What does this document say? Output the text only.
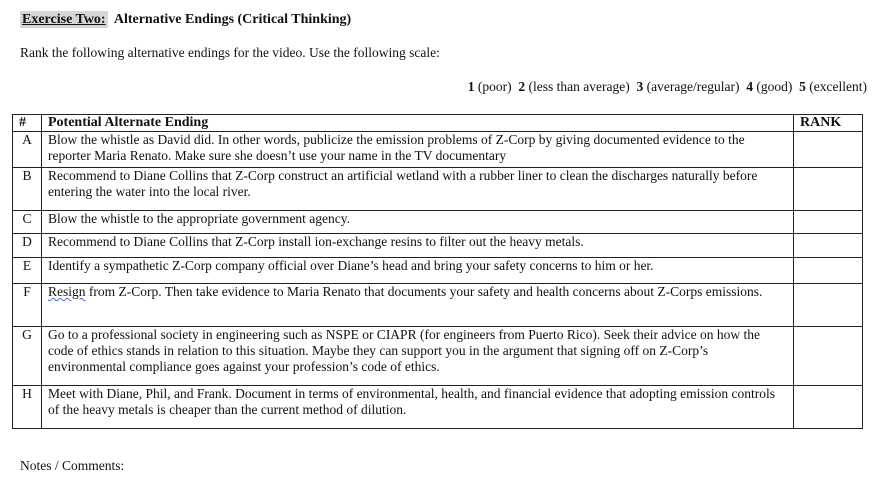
Exercise Two: Alternative Endings (Critical Thinking)
Rank the following alternative endings for the video. Use the following scale:
1 (poor) 2 (less than average) 3 (average/regular) 4 (good) 5 (excellent)
#	Potential Alternate Ending	RANK
A	Blow the whistle as David did. In other words, publicize the emission problems of Z-Corp by giving documented evidence to the reporter Maria Renato. Make sure she doesn’t use your name in the TV documentary	
B	Recommend to Diane Collins that Z-Corp construct an artificial wetland with a rubber liner to clean the discharges naturally before entering the water into the local river.	
C	Blow the whistle to the appropriate government agency.	
D	Recommend to Diane Collins that Z-Corp install ion-exchange resins to filter out the heavy metals.	
E	Identify a sympathetic Z-Corp company official over Diane’s head and bring your safety concerns to him or her.	
F	Resign from Z-Corp. Then take evidence to Maria Renato that documents your safety and health concerns about Z-Corps emissions.	
G	Go to a professional society in engineering such as NSPE or CIAPR (for engineers from Puerto Rico). Seek their advice on how the code of ethics stands in relation to this situation. Maybe they can support you in the argument that signing off on Z-Corp’s environmental compliance goes against your profession’s code of ethics.	
H	Meet with Diane, Phil, and Frank. Document in terms of environmental, health, and financial evidence that adopting emission controls of the heavy metals is cheaper than the current method of dilution.	
Notes / Comments:
